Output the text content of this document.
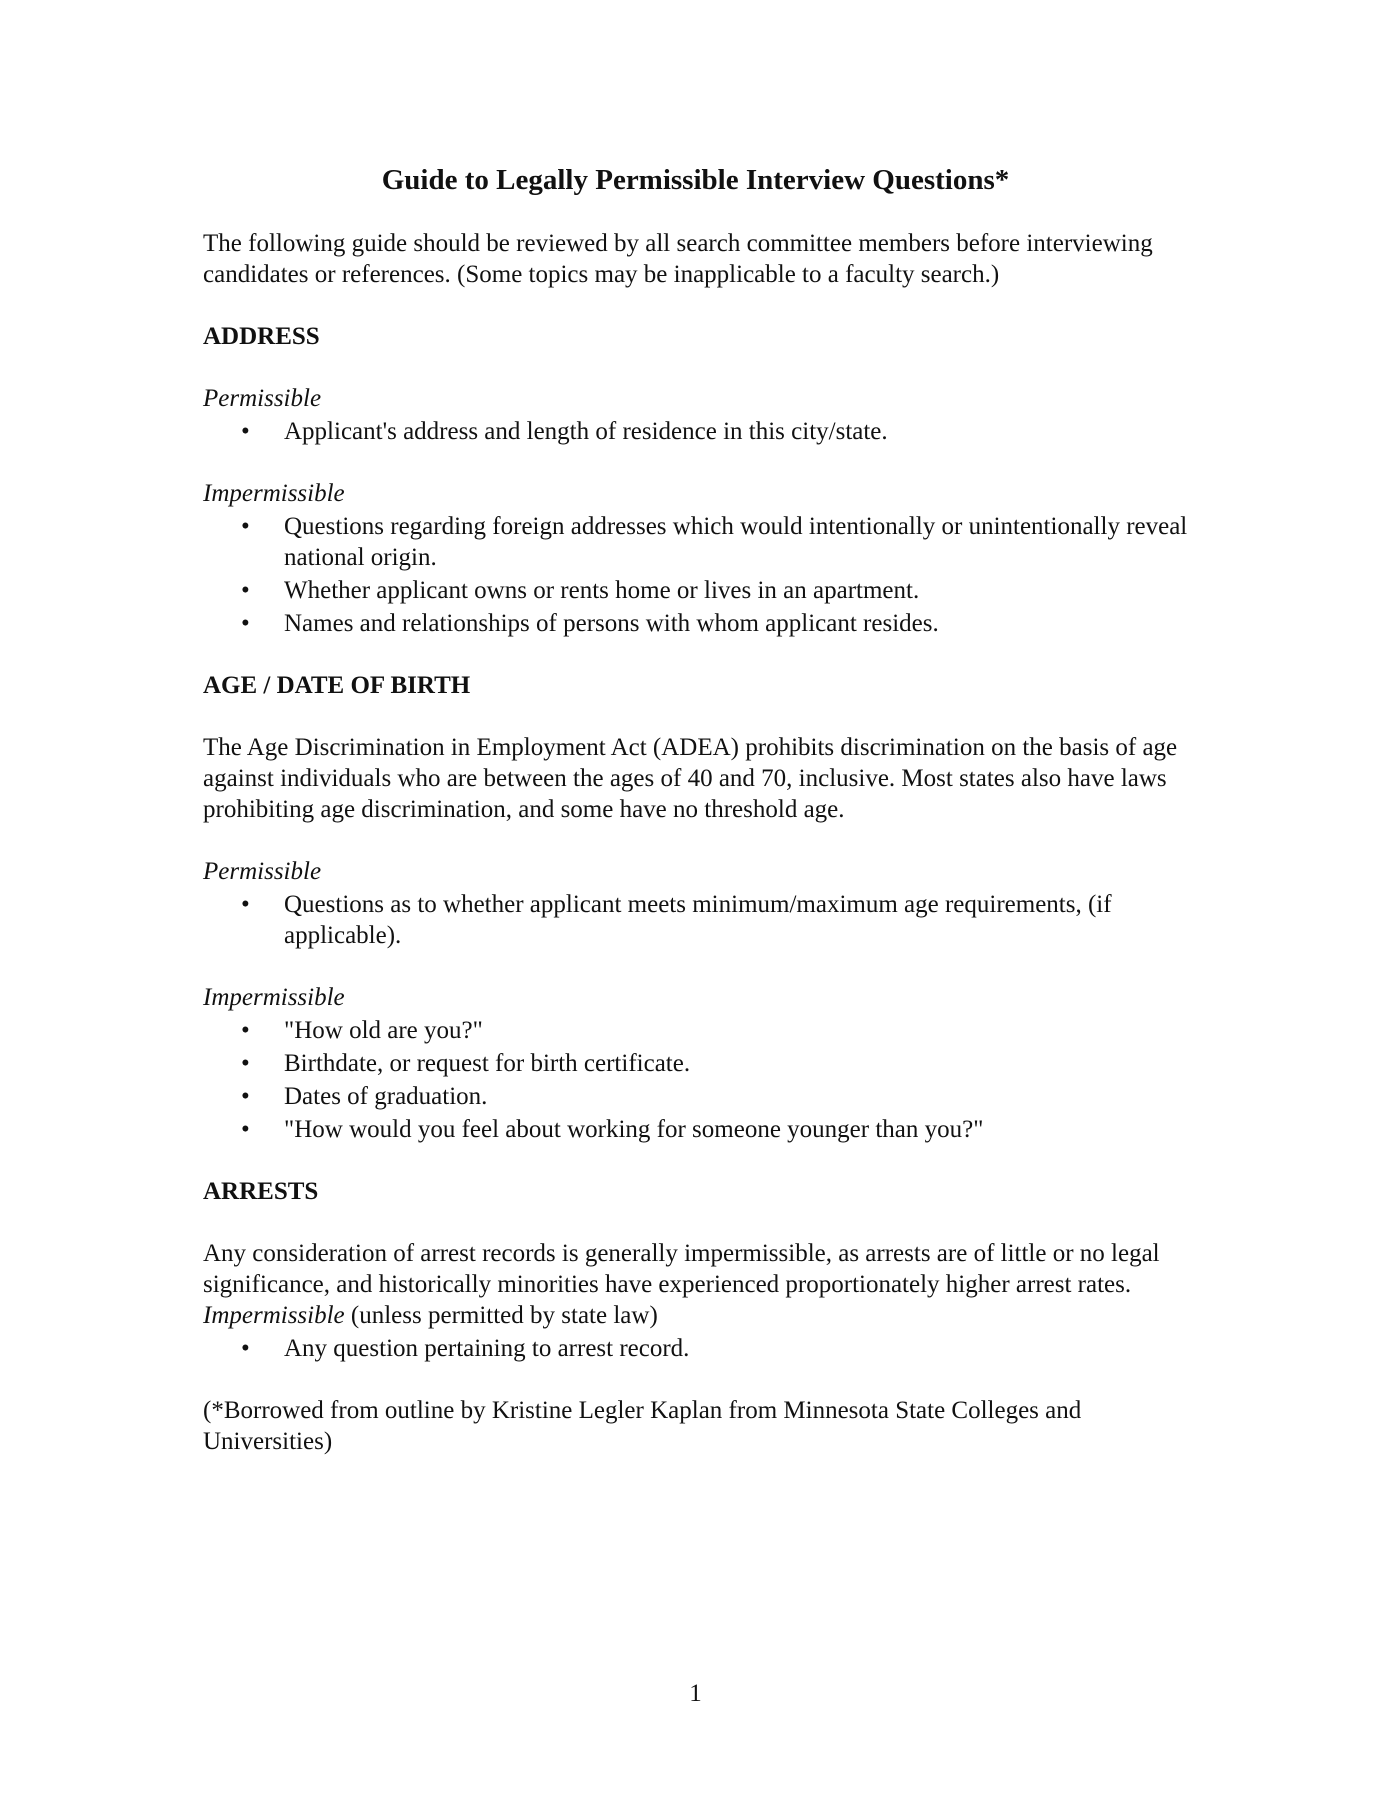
Guide to Legally Permissible Interview Questions*

The following guide should be reviewed by all search committee members before interviewing candidates or references. (Some topics may be inapplicable to a faculty search.)

ADDRESS

Permissible

• Applicant's address and length of residence in this city/state.

Impermissible

• Questions regarding foreign addresses which would intentionally or unintentionally reveal national origin.
• Whether applicant owns or rents home or lives in an apartment.
• Names and relationships of persons with whom applicant resides.

AGE / DATE OF BIRTH

The Age Discrimination in Employment Act (ADEA) prohibits discrimination on the basis of age against individuals who are between the ages of 40 and 70, inclusive. Most states also have laws prohibiting age discrimination, and some have no threshold age.

Permissible

• Questions as to whether applicant meets minimum/maximum age requirements, (if applicable).

Impermissible

• "How old are you?"
• Birthdate, or request for birth certificate.
• Dates of graduation.
• "How would you feel about working for someone younger than you?"

ARRESTS

Any consideration of arrest records is generally impermissible, as arrests are of little or no legal significance, and historically minorities have experienced proportionately higher arrest rates.

Impermissible (unless permitted by state law)

• Any question pertaining to arrest record.

(*Borrowed from outline by Kristine Legler Kaplan from Minnesota State Colleges and Universities)

1
